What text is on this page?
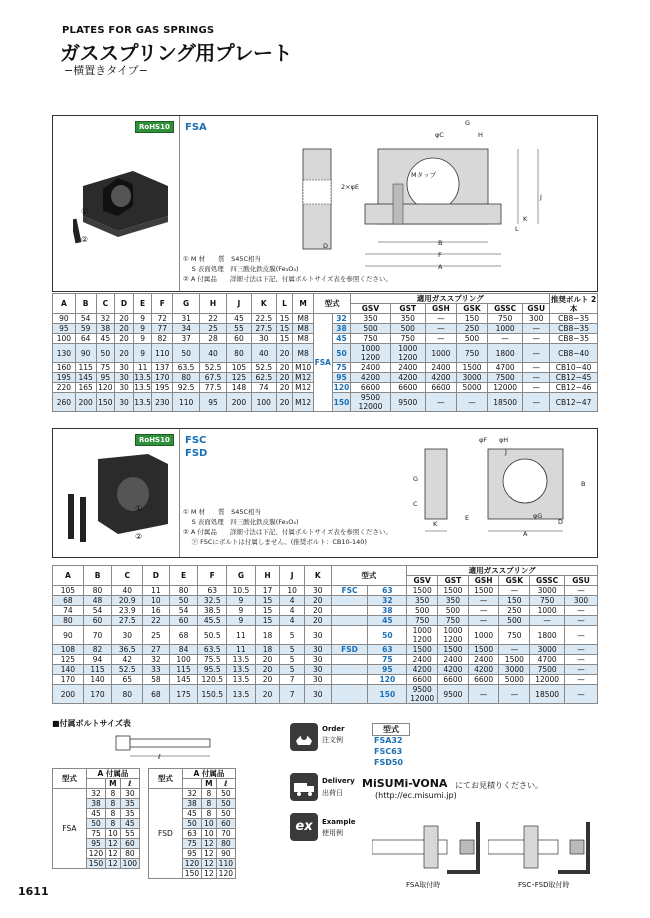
PLATES FOR GAS SPRINGS
ガススプリング用プレート
−横置きタイプ−
RoHS10
①
②
FSA
φC
G
H
Mタップ
2×φE
J
K
L
D	B
F
A
① M 材　　質　S45C相当
　 S 表面処理　四三酸化鉄皮膜(Fe₃O₄)
② A 付属品　　詳細寸法は下記、付属ボルトサイズ表を参照ください。
A	B	C	D	E	F	G	H	J	K	L	M	型式		適用ガススプリング						推奨ボルト 2本
														GSV	GST	GSH	GSK	GSSC	GSU	
90	54	32	20	9	72	31	22	45	22.5	15	M8	FSA	32	350	350	—	150	750	300	CB8−35
95	59	38	20	9	77	34	25	55	27.5	15	M8		38	500	500	—	250	1000	—	CB8−35
100	64	45	20	9	82	37	28	60	30	15	M8		45	750	750	—	500	—	—	CB8−35
130	90	50	20	9	110	50	40	80	40	20	M8		50	1000 1200	1000 1200	1000	750	1800	—	CB8−40
160	115	75	30	11	137	63.5	52.5	105	52.5	20	M10		75	2400	2400	2400	1500	4700	—	CB10−40
195	145	95	30	13.5	170	80	67.5	125	62.5	20	M12		95	4200	4200	4200	3000	7500	—	CB12−45
220	165	120	30	13.5	195	92.5	77.5	148	74	20	M12		120	6600	6600	6600	5000	12000	—	CB12−46
260	200	150	30	13.5	230	110	95	200	100	20	M12		150	9500 12000	9500	—	—	18500	—	CB12−47
RoHS10
①
②
FSC
FSD
φF φH
J
B
G
C
K
E	φG
D
A
① M 材　　質　S45C相当
　 S 表面処理　四三酸化鉄皮膜(Fe₃O₄)
② A 付属品　　詳細寸法は下記、付属ボルトサイズ表を参照ください。
　 ⓨ FSCにボルトは付属しません。(推奨ボルト：CB10-140)
A	B	C	D	E	F	G	H	J	K	型式		適用ガススプリング					
												GSV	GST	GSH	GSK	GSSC	GSU
105	80	40	11	80	63	10.5	17	10	30	FSC	63	1500	1500	1500	—	3000	—
68	48	20.9	10	50	32.5	9	15	4	20		32	350	350	—	150	750	300
74	54	23.9	16	54	38.5	9	15	4	20		38	500	500	—	250	1000	—
80	60	27.5	22	60	45.5	9	15	4	20		45	750	750	—	500	—	—
90	70	30	25	68	50.5	11	18	5	30		50	1000 1200	1000 1200	1000	750	1800	—
108	82	36.5	27	84	63.5	11	18	5	30	FSD	63	1500	1500	1500	—	3000	—
125	94	42	32	100	75.5	13.5	20	5	30		75	2400	2400	2400	1500	4700	—
140	115	52.5	33	115	95.5	13.5	20	5	30		95	4200	4200	4200	3000	7500	—
170	140	65	58	145	120.5	13.5	20	7	30		120	6600	6600	6600	5000	12000	—
200	170	80	68	175	150.5	13.5	20	7	30		150	9500 12000	9500	—	—	18500	—
■付属ボルトサイズ表
ℓ
型式	A 付属品		
		M	ℓ
FSA	32	8	30
	38	8	35
	45	8	35
	50	8	45
	75	10	55
	95	12	60
	120	12	80
	150	12	100
型式	A 付属品		
		M	ℓ
FSD	32	8	50
	38	8	50
	45	8	50
	50	10	60
	63	10	70
	75	12	80
	95	12	90
	120	12	110
	150	12	120
Order
注文例
型式
FSA32
FSC63
FSD50
Delivery
出荷日
MiSUMi-VONA にてお見積りください。
(http://ec.misumi.jp)
ex	Example
使用例
FSA取付時	FSC･FSD取付時
1611
